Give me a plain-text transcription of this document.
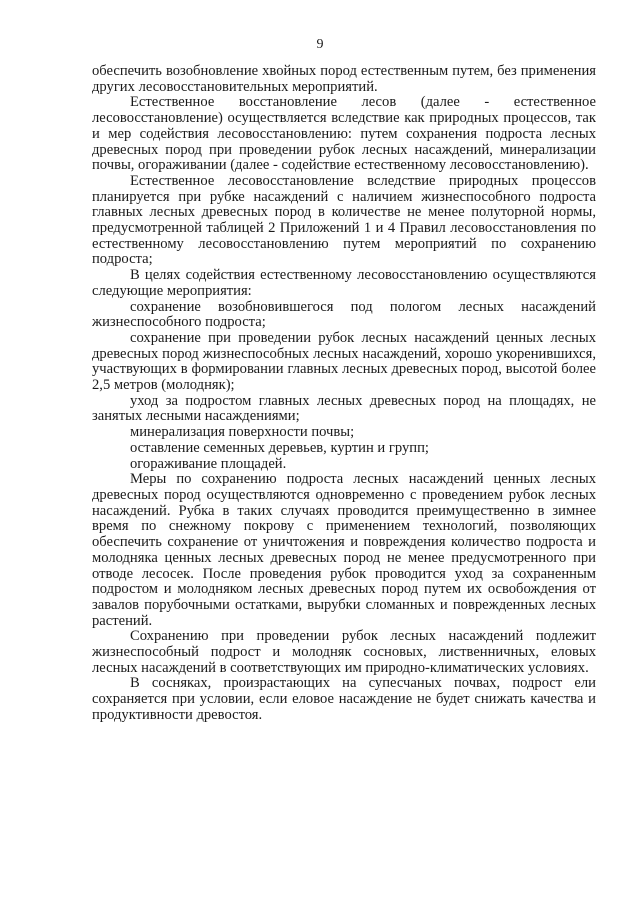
9

обеспечить возобновление хвойных пород естественным путем, без применения других лесовосстановительных мероприятий.

Естественное восстановление лесов (далее - естественное лесовосстановление) осуществляется вследствие как природных процессов, так и мер содействия лесовосстановлению: путем сохранения подроста лесных древесных пород при проведении рубок лесных насаждений, минерализации почвы, огораживании (далее - содействие естественному лесовосстановлению).

Естественное лесовосстановление вследствие природных процессов планируется при рубке насаждений с наличием жизнеспособного подроста главных лесных древесных пород в количестве не менее полуторной нормы, предусмотренной таблицей 2 Приложений 1 и 4 Правил лесовосстановления по естественному лесовосстановлению путем мероприятий по сохранению подроста;

В целях содействия естественному лесовосстановлению осуществляются следующие мероприятия:

сохранение возобновившегося под пологом лесных насаждений жизнеспособного подроста;

сохранение при проведении рубок лесных насаждений ценных лесных древесных пород жизнеспособных лесных насаждений, хорошо укоренившихся, участвующих в формировании главных лесных древесных пород, высотой более 2,5 метров (молодняк);

уход за подростом главных лесных древесных пород на площадях, не занятых лесными насаждениями;

минерализация поверхности почвы;

оставление семенных деревьев, куртин и групп;

огораживание площадей.

Меры по сохранению подроста лесных насаждений ценных лесных древесных пород осуществляются одновременно с проведением рубок лесных насаждений. Рубка в таких случаях проводится преимущественно в зимнее время по снежному покрову с применением технологий, позволяющих обеспечить сохранение от уничтожения и повреждения количество подроста и молодняка ценных лесных древесных пород не менее предусмотренного при отводе лесосек. После проведения рубок проводится уход за сохраненным подростом и молодняком лесных древесных пород путем их освобождения от завалов порубочными остатками, вырубки сломанных и поврежденных лесных растений.

Сохранению при проведении рубок лесных насаждений подлежит жизнеспособный подрост и молодняк сосновых, лиственничных, еловых лесных насаждений в соответствующих им природно-климатических условиях.

В сосняках, произрастающих на супесчаных почвах, подрост ели сохраняется при условии, если еловое насаждение не будет снижать качества и продуктивности древостоя.
